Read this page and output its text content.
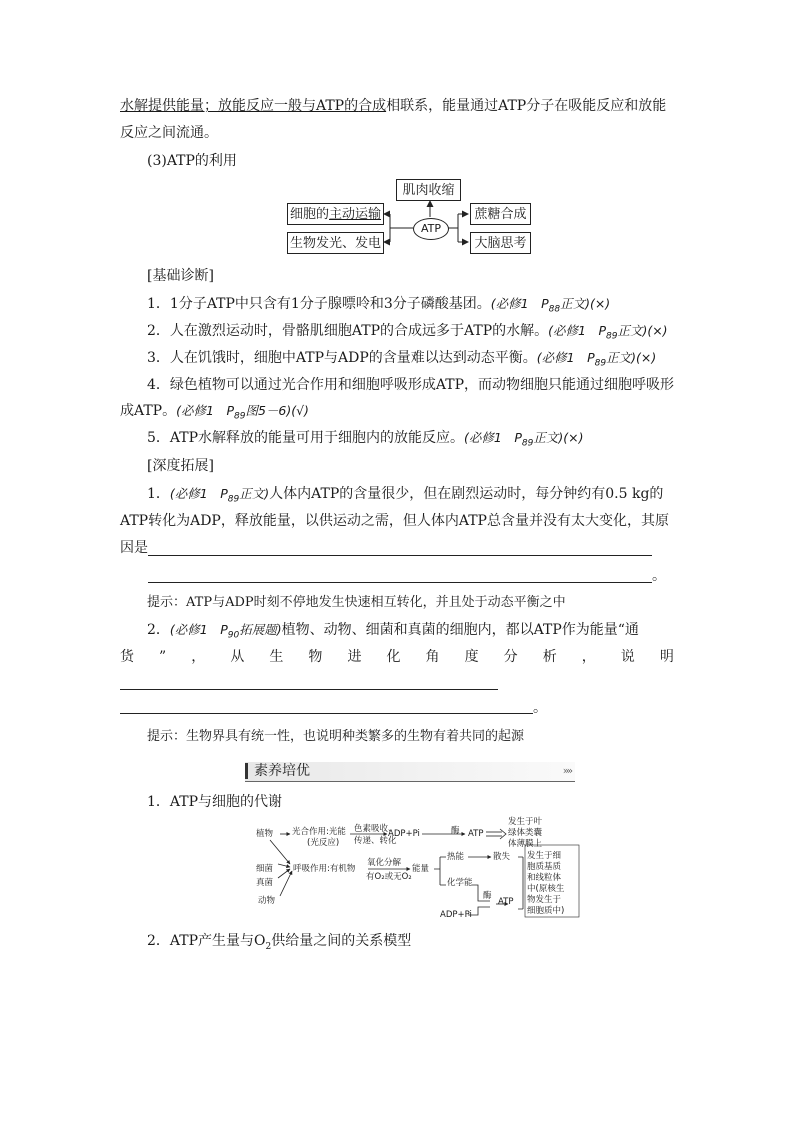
水解提供能量；放能反应一般与ATP的合成相联系，能量通过ATP分子在吸能反应和放能
反应之间流通。
(3)ATP的利用
肌肉收缩
细胞的主动运输
生物发光、发电
ATP
蔗糖合成
大脑思考
[基础诊断]
1．1分子ATP中只含有1分子腺嘌呤和3分子磷酸基团。(必修1　$P_{88}$正文)(×)
2．人在激烈运动时，骨骼肌细胞ATP的合成远多于ATP的水解。(必修1　$P_{89}$正文)(×)
3．人在饥饿时，细胞中ATP与ADP的含量难以达到动态平衡。(必修1　$P_{89}$正文)(×)
4．绿色植物可以通过光合作用和细胞呼吸形成ATP，而动物细胞只能通过细胞呼吸形
成ATP。(必修1　$P_{89}$图5－6)(√)
5．ATP水解释放的能量可用于细胞内的放能反应。(必修1　$P_{89}$正文)(×)
[深度拓展]
1．(必修1　$P_{89}$正文)人体内ATP的含量很少，但在剧烈运动时，每分钟约有0.5 kg的
ATP转化为ADP，释放能量，以供运动之需，但人体内ATP总含量并没有太大变化，其原
因是
。
提示：ATP与ADP时刻不停地发生快速相互转化，并且处于动态平衡之中
2．(必修1　$P_{90}$拓展题)植物、动物、细菌和真菌的细胞内，都以ATP作为能量“通
货 ” ， 从 生 物 进 化 角 度 分 析 ， 说 明
。
提示：生物界具有统一性，也说明种类繁多的生物有着共同的起源
素养培优	»»
1．ATP与细胞的代谢
植物 光合作用:光能
(光反应)
色素吸收、
传递、转化
ADP+Pi	酶 ATP
发生于叶
绿体类囊
体薄膜上
细菌
真菌
动物
呼吸作用:有机物
氧化分解
有O₂或无O₂
能量
热能	散失
化学能
酶
ATP
ADP+Pi
发生于细
胞质基质
和线粒体
中(原核生
物发生于
细胞质中)
2．ATP产生量与$O_2$供给量之间的关系模型
